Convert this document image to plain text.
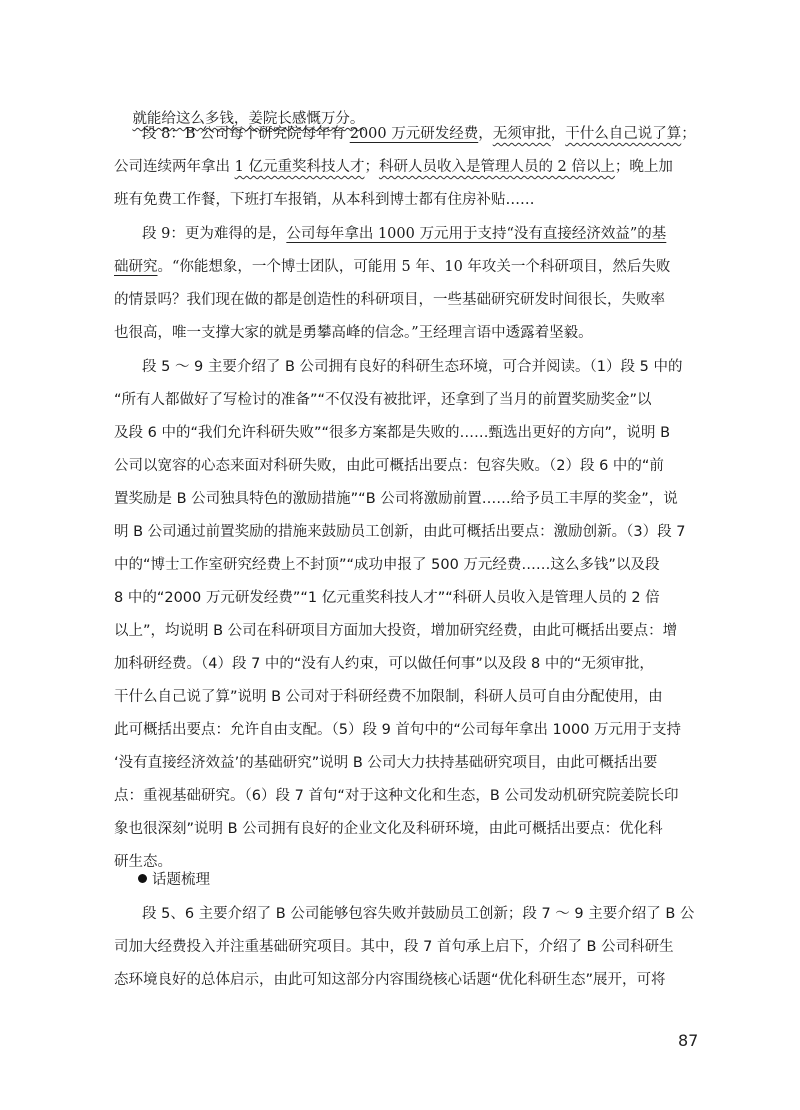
就能给这么多钱，姜院长感慨万分。

段 8：B 公司每个研究院每年有 2000 万元研发经费，无须审批，干什么自己说了算；
公司连续两年拿出 1 亿元重奖科技人才；科研人员收入是管理人员的 2 倍以上；晚上加
班有免费工作餐，下班打车报销，从本科到博士都有住房补贴……
段 9：更为难得的是，公司每年拿出 1000 万元用于支持“没有直接经济效益”的基
础研究。“你能想象，一个博士团队，可能用 5 年、10 年攻关一个科研项目，然后失败
的情景吗？我们现在做的都是创造性的科研项目，一些基础研究研发时间很长，失败率
也很高，唯一支撑大家的就是勇攀高峰的信念。”王经理言语中透露着坚毅。
段 5 ～ 9 主要介绍了 B 公司拥有良好的科研生态环境，可合并阅读。（1）段 5 中的
“所有人都做好了写检讨的准备”“不仅没有被批评，还拿到了当月的前置奖励奖金”以
及段 6 中的“我们允许科研失败”“很多方案都是失败的……甄选出更好的方向”，说明 B
公司以宽容的心态来面对科研失败，由此可概括出要点：包容失败。（2）段 6 中的“前
置奖励是 B 公司独具特色的激励措施”“B 公司将激励前置……给予员工丰厚的奖金”，说
明 B 公司通过前置奖励的措施来鼓励员工创新，由此可概括出要点：激励创新。（3）段 7
中的“博士工作室研究经费上不封顶”“成功申报了 500 万元经费……这么多钱”以及段
8 中的“2000 万元研发经费”“1 亿元重奖科技人才”“科研人员收入是管理人员的 2 倍
以上”，均说明 B 公司在科研项目方面加大投资，增加研究经费，由此可概括出要点：增
加科研经费。（4）段 7 中的“没有人约束，可以做任何事”以及段 8 中的“无须审批，
干什么自己说了算”说明 B 公司对于科研经费不加限制，科研人员可自由分配使用，由
此可概括出要点：允许自由支配。（5）段 9 首句中的“公司每年拿出 1000 万元用于支持
‘没有直接经济效益’的基础研究”说明 B 公司大力扶持基础研究项目，由此可概括出要
点：重视基础研究。（6）段 7 首句“对于这种文化和生态，B 公司发动机研究院姜院长印
象也很深刻”说明 B 公司拥有良好的企业文化及科研环境，由此可概括出要点：优化科
研生态。
话题梳理
段 5、6 主要介绍了 B 公司能够包容失败并鼓励员工创新；段 7 ～ 9 主要介绍了 B 公
司加大经费投入并注重基础研究项目。其中，段 7 首句承上启下，介绍了 B 公司科研生
态环境良好的总体启示，由此可知这部分内容围绕核心话题“优化科研生态”展开，可将
87
